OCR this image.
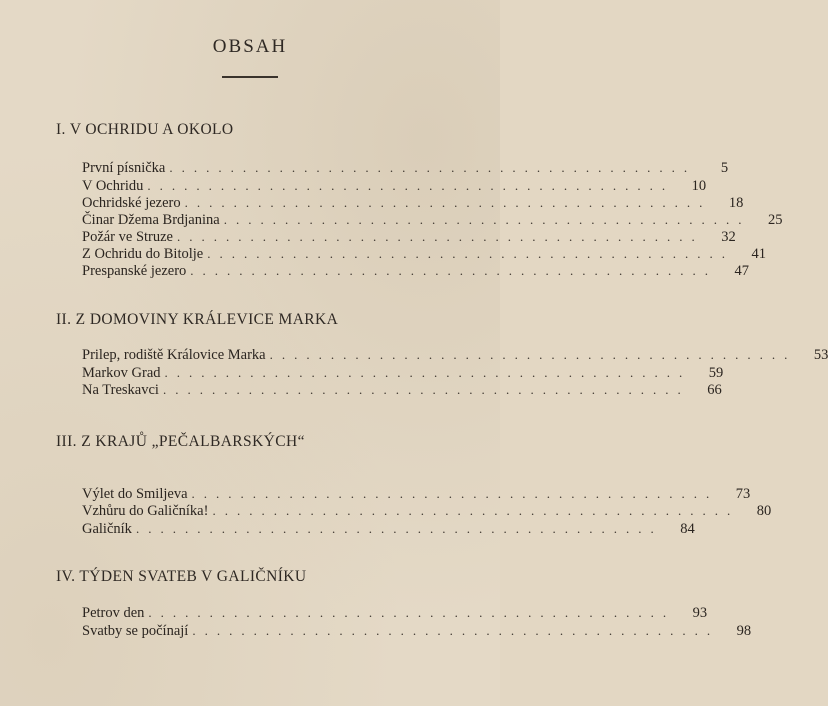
OBSAH
I. V OCHRIDU A OKOLO
První písnička ...........................................	5
V Ochridu ...........................................	10
Ochridské jezero ...........................................	18
Činar Džema Brdjanina ...........................................	25
Požár ve Struze ...........................................	32
Z Ochridu do Bitolje ...........................................	41
Prespanské jezero ...........................................	47
II. Z DOMOVINY KRÁLEVICE MARKA
Prilep, rodiště Královice Marka ...........................................	53
Markov Grad ...........................................	59
Na Treskavci ...........................................	66
III. Z KRAJŮ „PEČALBARSKÝCH“
Výlet do Smiljeva ...........................................	73
Vzhůru do Galičníka! ...........................................	80
Galičník ...........................................	84
IV. TÝDEN SVATEB V GALIČNÍKU
Petrov den ...........................................	93
Svatby se počínají ...........................................	98
